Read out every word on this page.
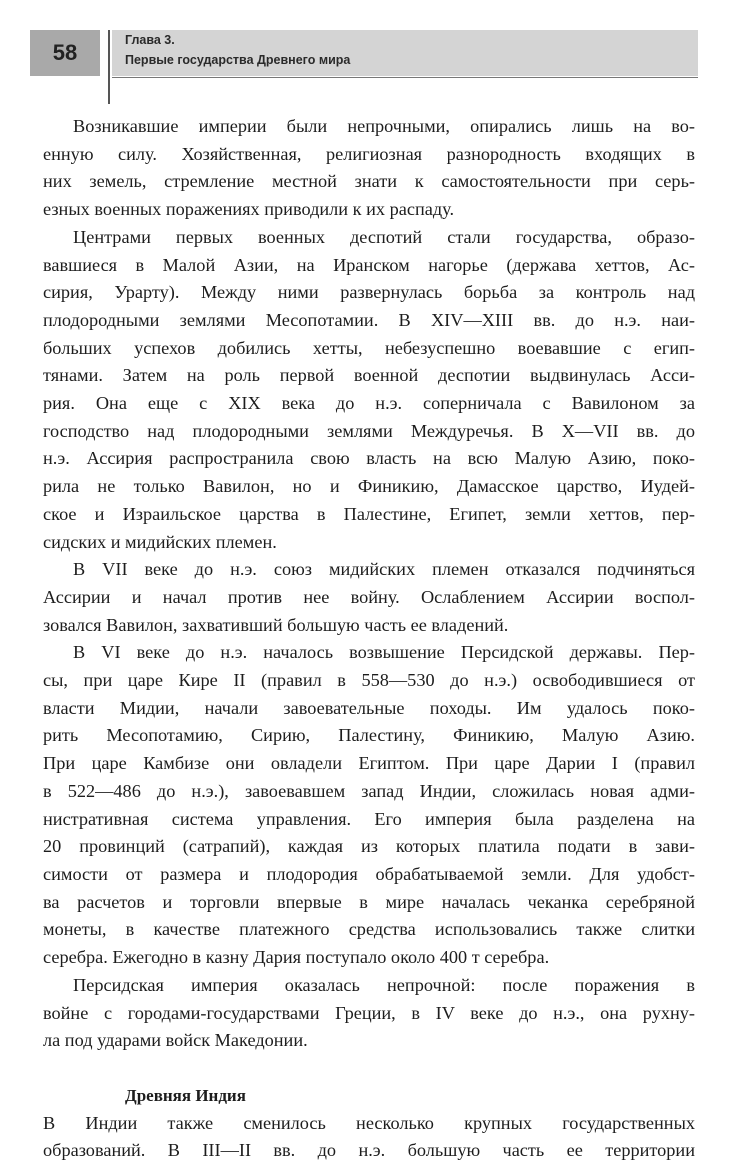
58	Глава 3.
Первые государства Древнего мира
Возникавшие империи были непрочными, опирались лишь на во-
енную силу. Хозяйственная, религиозная разнородность входящих в
них земель, стремление местной знати к самостоятельности при серь-
езных военных поражениях приводили к их распаду.
Центрами первых военных деспотий стали государства, образо-
вавшиеся в Малой Азии, на Иранском нагорье (держава хеттов, Ас-
сирия, Урарту). Между ними развернулась борьба за контроль над
плодородными землями Месопотамии. В XIV—XIII вв. до н.э. наи-
больших успехов добились хетты, небезуспешно воевавшие с егип-
тянами. Затем на роль первой военной деспотии выдвинулась Асси-
рия. Она еще с XIX века до н.э. соперничала с Вавилоном за
господство над плодородными землями Междуречья. В X—VII вв. до
н.э. Ассирия распространила свою власть на всю Малую Азию, поко-
рила не только Вавилон, но и Финикию, Дамасское царство, Иудей-
ское и Израильское царства в Палестине, Египет, земли хеттов, пер-
сидских и мидийских племен.
В VII веке до н.э. союз мидийских племен отказался подчиняться
Ассирии и начал против нее войну. Ослаблением Ассирии воспол-
зовался Вавилон, захвативший большую часть ее владений.
В VI веке до н.э. началось возвышение Персидской державы. Пер-
сы, при царе Кире II (правил в 558—530 до н.э.) освободившиеся от
власти Мидии, начали завоевательные походы. Им удалось поко-
рить Месопотамию, Сирию, Палестину, Финикию, Малую Азию.
При царе Камбизе они овладели Египтом. При царе Дарии I (правил
в 522—486 до н.э.), завоевавшем запад Индии, сложилась новая адми-
нистративная система управления. Его империя была разделена на
20 провинций (сатрапий), каждая из которых платила подати в зави-
симости от размера и плодородия обрабатываемой земли. Для удобст-
ва расчетов и торговли впервые в мире началась чеканка серебряной
монеты, в качестве платежного средства использовались также слитки
серебра. Ежегодно в казну Дария поступало около 400 т серебра.
Персидская империя оказалась непрочной: после поражения в
войне с городами-государствами Греции, в IV веке до н.э., она рухну-
ла под ударами войск Македонии.
Древняя Индия
В Индии также сменилось несколько крупных государственных
образований. В III—II вв. до н.э. большую часть ее территории
